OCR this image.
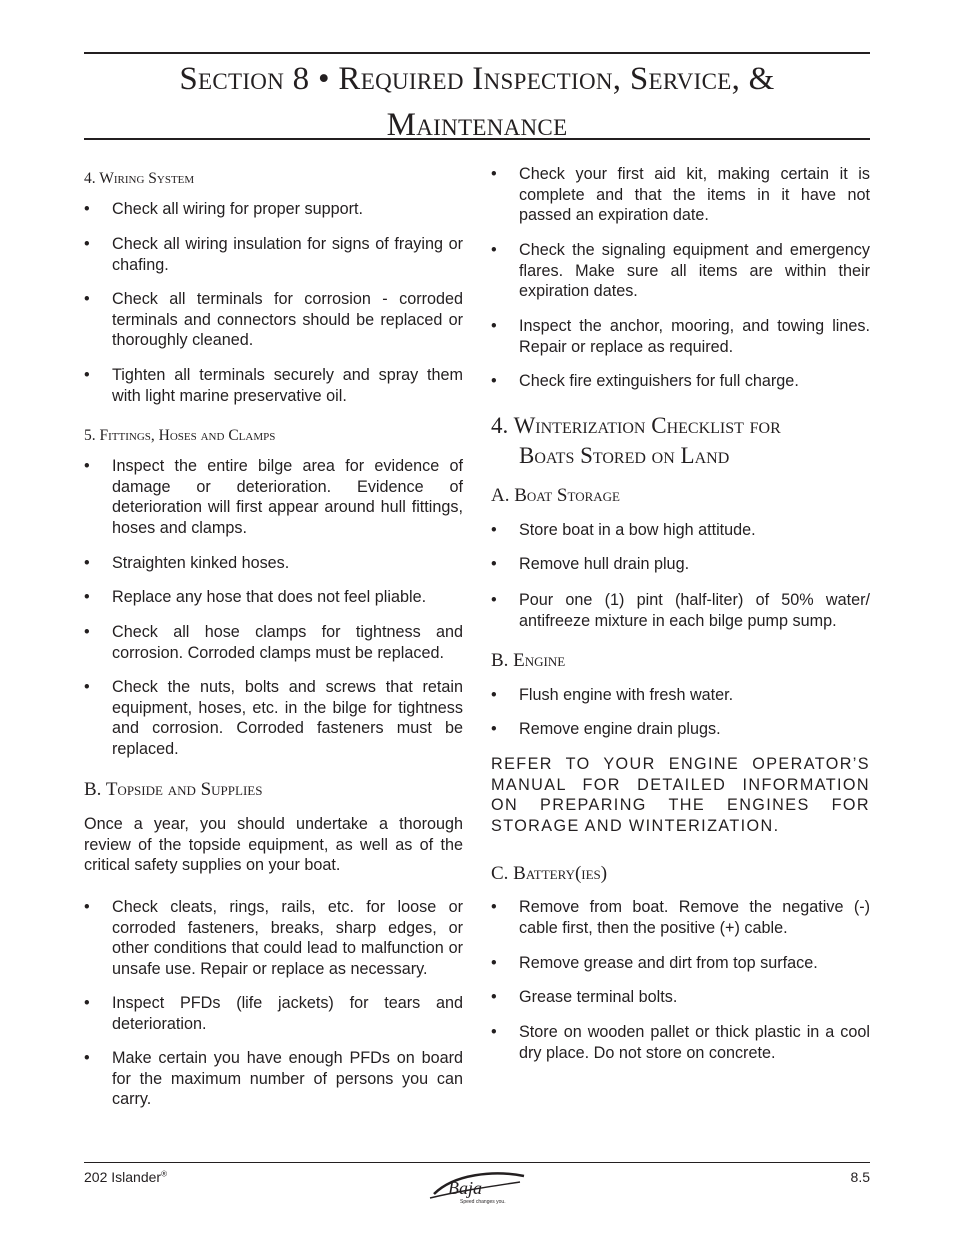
Section 8 • Required Inspection, Service, &
Maintenance
4. Wiring System
•	Check all wiring for proper support.
•	Check all wiring insulation for signs of fraying or chafing.
•	Check all terminals for corrosion - corroded terminals and connectors should be replaced or thoroughly cleaned.
•	Tighten all terminals securely and spray them with light marine preservative oil.
5. Fittings, Hoses and Clamps
•	Inspect the entire bilge area for evidence of damage or deterioration. Evidence of deterioration will first appear around hull fittings, hoses and clamps.
•	Straighten kinked hoses.
•	Replace any hose that does not feel pliable.
•	Check all hose clamps for tightness and corrosion. Corroded clamps must be replaced.
•	Check the nuts, bolts and screws that retain equipment, hoses, etc. in the bilge for tightness and corrosion. Corroded fasteners must be replaced.
B. Topside and Supplies
Once a year, you should undertake a thorough review of the topside equipment, as well as of the critical safety supplies on your boat.
•	Check cleats, rings, rails, etc. for loose or corroded fasteners, breaks, sharp edges, or other conditions that could lead to malfunction or unsafe use. Repair or replace as necessary.
•	Inspect PFDs (life jackets) for tears and deterioration.
•	Make certain you have enough PFDs on board for the maximum number of persons you can carry.
•	Check your first aid kit, making certain it is complete and that the items in it have not passed an expiration date.
•	Check the signaling equipment and emergency flares. Make sure all items are within their expiration dates.
•	Inspect the anchor, mooring, and towing lines. Repair or replace as required.
•	Check fire extinguishers for full charge.
4. Winterization Checklist for
Boats Stored on Land
A. Boat Storage
•	Store boat in a bow high attitude.
•	Remove hull drain plug.
•	Pour one (1) pint (half-liter) of 50% water/ antifreeze mixture in each bilge pump sump.
B. Engine
•	Flush engine with fresh water.
•	Remove engine drain plugs.
REFER TO YOUR ENGINE OPERATOR’S MANUAL FOR DETAILED INFORMATION ON PREPARING THE ENGINES FOR STORAGE AND WINTERIZATION.
C. Battery(ies)
•	Remove from boat. Remove the negative (-) cable first, then the positive (+) cable.
•	Remove grease and dirt from top surface.
•	Grease terminal bolts.
•	Store on wooden pallet or thick plastic in a cool dry place. Do not store on concrete.
202 Islander®	8.5
Baja
Speed changes you.
